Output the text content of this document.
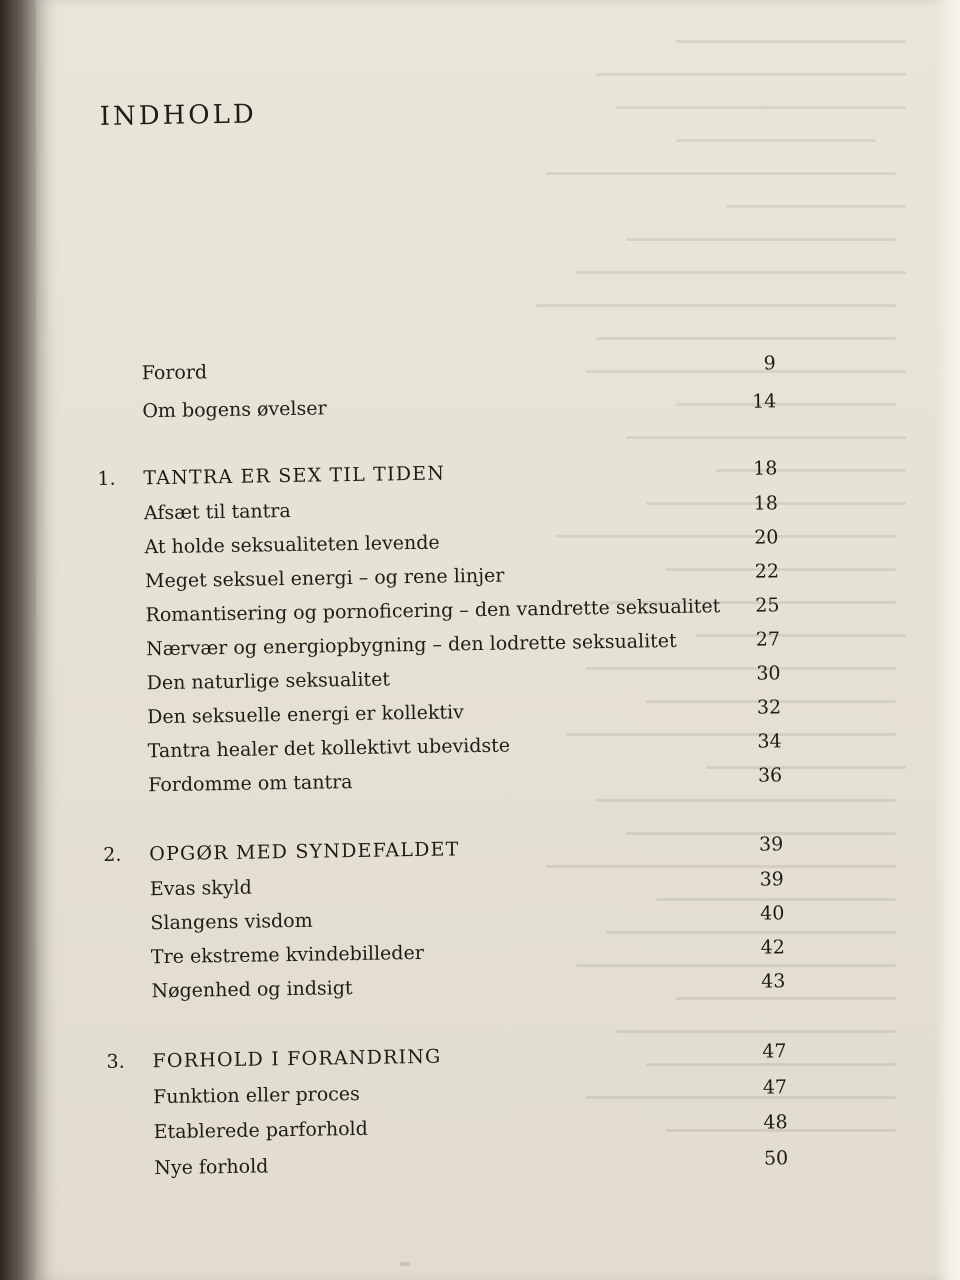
INDHOLD
Forord	9
Om bogens øvelser	14
1.	TANTRA ER SEX TIL TIDEN	18
Afsæt til tantra	18
At holde seksualiteten levende	20
Meget seksuel energi – og rene linjer	22
Romantisering og pornoficering – den vandrette seksualitet	25
Nærvær og energiopbygning – den lodrette seksualitet	27
Den naturlige seksualitet	30
Den seksuelle energi er kollektiv	32
Tantra healer det kollektivt ubevidste	34
Fordomme om tantra	36
2.	OPGØR MED SYNDEFALDET	39
Evas skyld	39
Slangens visdom	40
Tre ekstreme kvindebilleder	42
Nøgenhed og indsigt	43
3.	FORHOLD I FORANDRING	47
Funktion eller proces	47
Etablerede parforhold	48
Nye forhold	50
